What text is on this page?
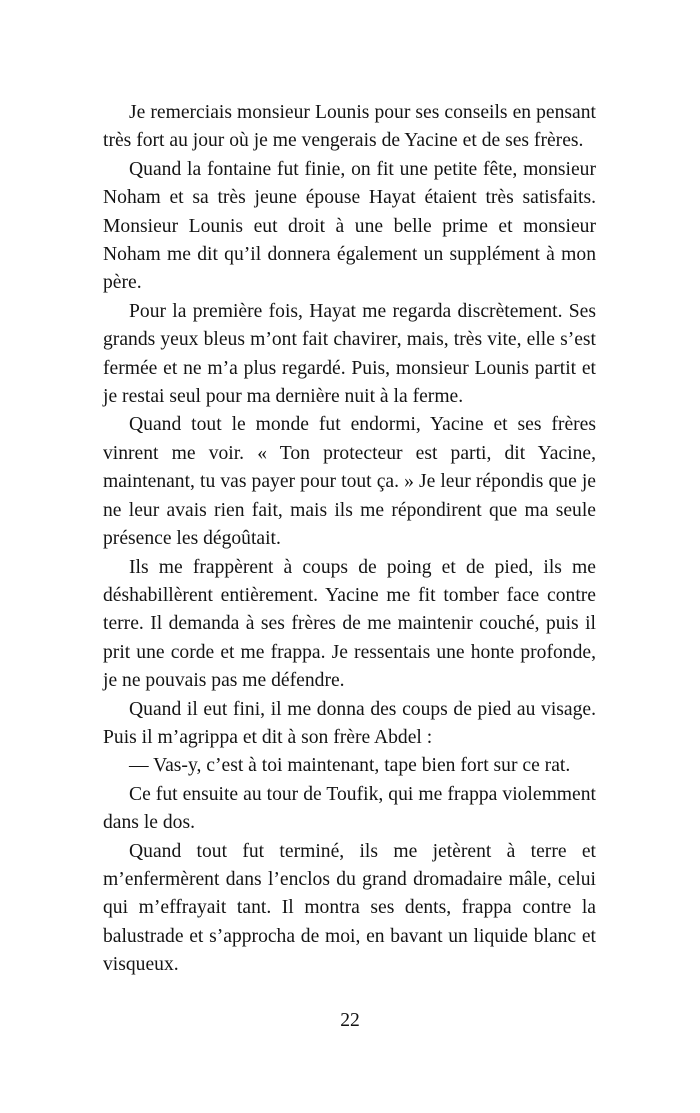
Je remerciais monsieur Lounis pour ses conseils en pensant très fort au jour où je me vengerais de Yacine et de ses frères.

Quand la fontaine fut finie, on fit une petite fête, monsieur Noham et sa très jeune épouse Hayat étaient très satisfaits. Monsieur Lounis eut droit à une belle prime et monsieur Noham me dit qu’il donnera également un supplément à mon père.

Pour la première fois, Hayat me regarda discrètement. Ses grands yeux bleus m’ont fait chavirer, mais, très vite, elle s’est fermée et ne m’a plus regardé. Puis, monsieur Lounis partit et je restai seul pour ma dernière nuit à la ferme.

Quand tout le monde fut endormi, Yacine et ses frères vinrent me voir. « Ton protecteur est parti, dit Yacine, maintenant, tu vas payer pour tout ça. » Je leur répondis que je ne leur avais rien fait, mais ils me répondirent que ma seule présence les dégoûtait.

Ils me frappèrent à coups de poing et de pied, ils me déshabillèrent entièrement. Yacine me fit tomber face contre terre. Il demanda à ses frères de me maintenir couché, puis il prit une corde et me frappa. Je ressentais une honte profonde, je ne pouvais pas me défendre.

Quand il eut fini, il me donna des coups de pied au visage. Puis il m’agrippa et dit à son frère Abdel :

— Vas-y, c’est à toi maintenant, tape bien fort sur ce rat.

Ce fut ensuite au tour de Toufik, qui me frappa violemment dans le dos.

Quand tout fut terminé, ils me jetèrent à terre et m’enfermèrent dans l’enclos du grand dromadaire mâle, celui qui m’effrayait tant. Il montra ses dents, frappa contre la balustrade et s’approcha de moi, en bavant un liquide blanc et visqueux.

22
